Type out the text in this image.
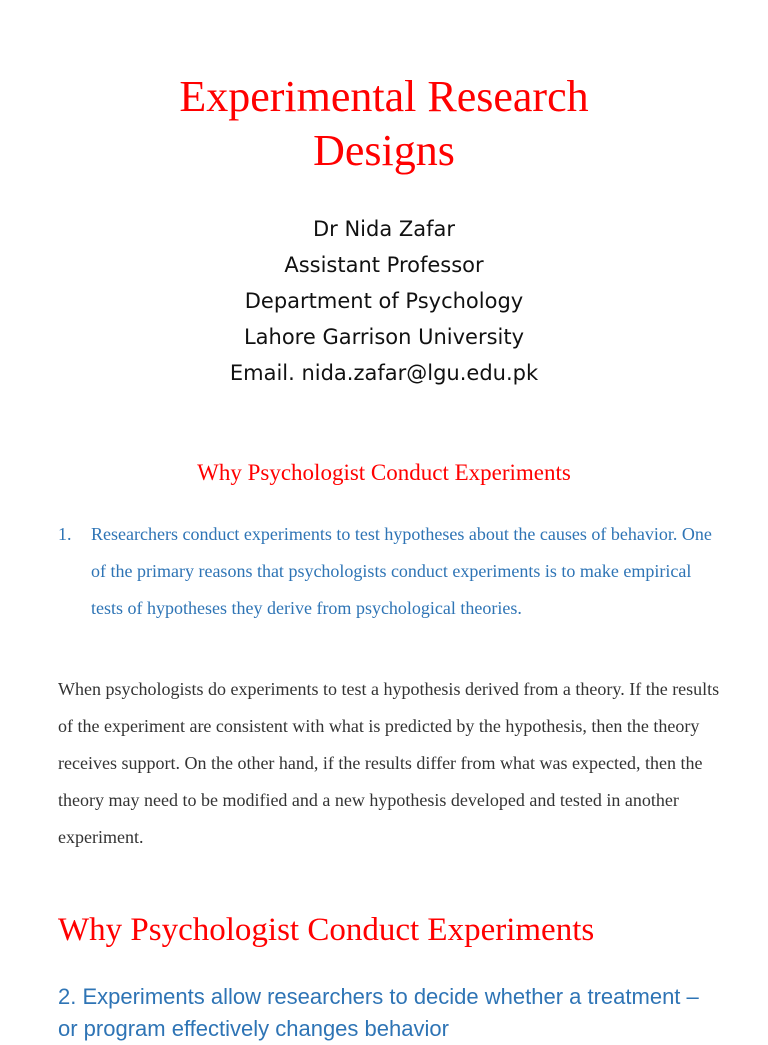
Experimental Research
Designs
Dr Nida Zafar
Assistant Professor
Department of Psychology
Lahore Garrison University
Email. nida.zafar@lgu.edu.pk
Why Psychologist Conduct Experiments
1. Researchers conduct experiments to test hypotheses about the causes of behavior. One of the primary reasons that psychologists conduct experiments is to make empirical tests of hypotheses they derive from psychological theories.

When psychologists do experiments to test a hypothesis derived from a theory. If the results of the experiment are consistent with what is predicted by the hypothesis, then the theory receives support. On the other hand, if the results differ from what was expected, then the theory may need to be modified and a new hypothesis developed and tested in another experiment.

Why Psychologist Conduct Experiments

2. Experiments allow researchers to decide whether a treatment – or program effectively changes behavior
